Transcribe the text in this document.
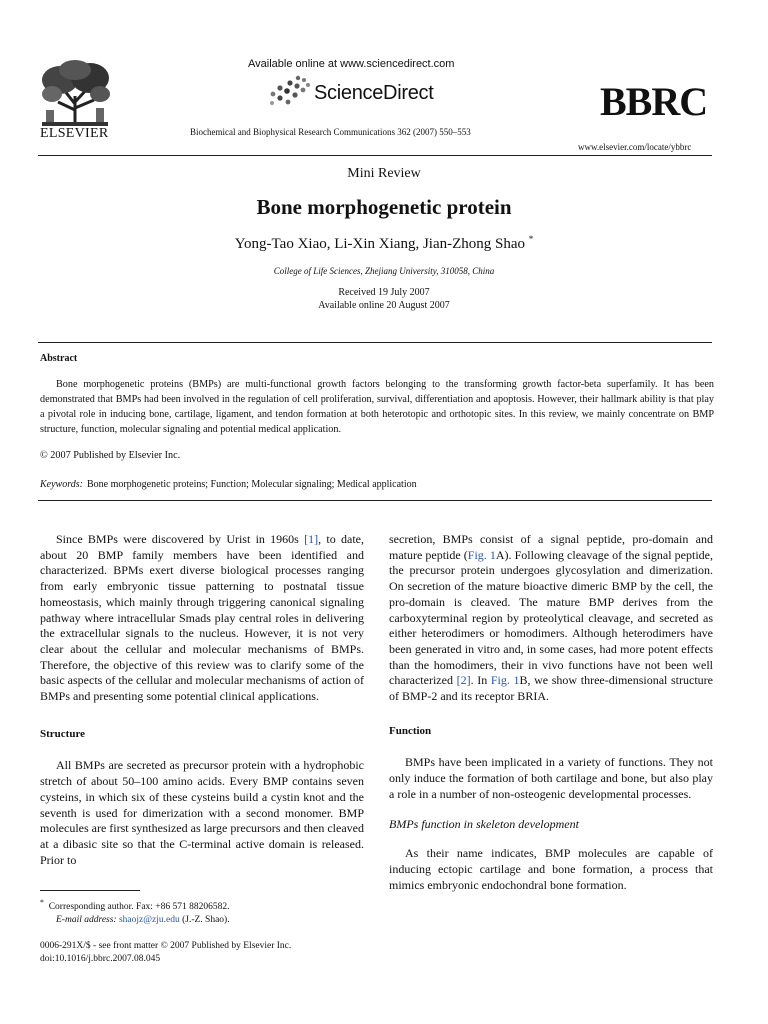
ELSEVIER
Available online at www.sciencedirect.com
ScienceDirect
Biochemical and Biophysical Research Communications 362 (2007) 550–553
BBRC
www.elsevier.com/locate/ybbrc
Mini Review
Bone morphogenetic protein
Yong-Tao Xiao, Li-Xin Xiang, Jian-Zhong Shao *
College of Life Sciences, Zhejiang University, 310058, China
Received 19 July 2007
Available online 20 August 2007
Abstract

Bone morphogenetic proteins (BMPs) are multi-functional growth factors belonging to the transforming growth factor-beta superfamily. It has been demonstrated that BMPs had been involved in the regulation of cell proliferation, survival, differentiation and apoptosis. However, their hallmark ability is that play a pivotal role in inducing bone, cartilage, ligament, and tendon formation at both heterotopic and orthotopic sites. In this review, we mainly concentrate on BMP structure, function, molecular signaling and potential medical application.

© 2007 Published by Elsevier Inc.
Keywords: Bone morphogenetic proteins; Function; Molecular signaling; Medical application

Since BMPs were discovered by Urist in 1960s [1], to date, about 20 BMP family members have been identified and characterized. BPMs exert diverse biological processes ranging from early embryonic tissue patterning to postnatal tissue homeostasis, which mainly through triggering canonical signaling pathway where intracellular Smads play central roles in delivering the extracellular signals to the nucleus. However, it is not very clear about the cellular and molecular mechanisms of BMPs. Therefore, the objective of this review was to clarify some of the basic aspects of the cellular and molecular mechanisms of action of BMPs and presenting some potential clinical applications.

Structure

All BMPs are secreted as precursor protein with a hydrophobic stretch of about 50–100 amino acids. Every BMP contains seven cysteins, in which six of these cysteins build a cystin knot and the seventh is used for dimerization with a second monomer. BMP molecules are first synthesized as large precursors and then cleaved at a dibasic site so that the C-terminal active domain is released. Prior to

secretion, BMPs consist of a signal peptide, pro-domain and mature peptide (Fig. 1A). Following cleavage of the signal peptide, the precursor protein undergoes glycosylation and dimerization. On secretion of the mature bioactive dimeric BMP by the cell, the pro-domain is cleaved. The mature BMP derives from the carboxyterminal region by proteolytical cleavage, and secreted as either heterodimers or homodimers. Although heterodimers have been generated in vitro and, in some cases, had more potent effects than the homodimers, their in vivo functions have not been well characterized [2]. In Fig. 1B, we show three-dimensional structure of BMP-2 and its receptor BRIA.

Function

BMPs have been implicated in a variety of functions. They not only induce the formation of both cartilage and bone, but also play a role in a number of non-osteogenic developmental processes.

BMPs function in skeleton development

As their name indicates, BMP molecules are capable of inducing ectopic cartilage and bone formation, a process that mimics embryonic endochondral bone formation.

* Corresponding author. Fax: +86 571 88206582.
E-mail address: shaojz@zju.edu (J.-Z. Shao).
0006-291X/$ - see front matter © 2007 Published by Elsevier Inc.
doi:10.1016/j.bbrc.2007.08.045
